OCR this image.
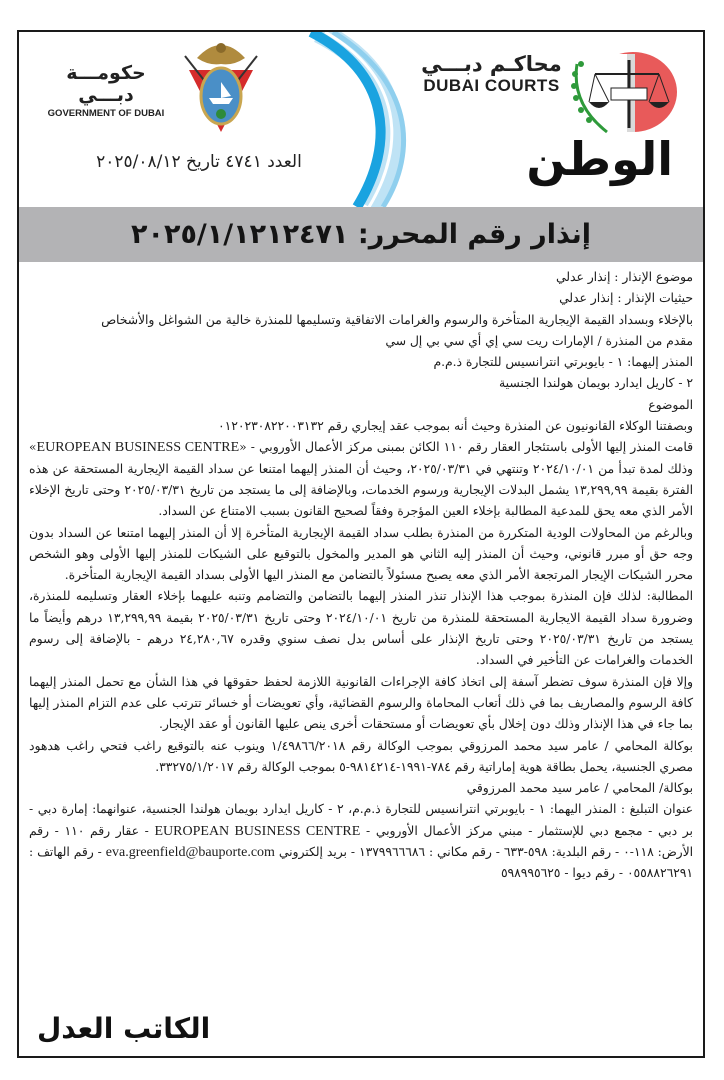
حكومـــة دبـــي
GOVERNMENT OF DUBAI
محاكـم دبـــي
DUBAI COURTS
الوطن
العدد ٤٧٤١ تاريخ ٢٠٢٥/٠٨/١٢
إنذار رقم المحرر: ٢٠٢٥/١/١٢١٢٤٧١

موضوع الإنذار : إنذار عدلي

حيثيات الإنذار : إنذار عدلي

بالإخلاء وبسداد القيمة الإيجارية المتأخرة والرسوم والغرامات الاتفاقية وتسليمها للمنذرة خالية من الشواغل والأشخاص

مقدم من المنذرة / الإمارات ريت سي إي أي سي بي إل سي

المنذر إليهما: ١ - بايوبرتي انترانسيس للتجارة ذ.م.م

٢ - كاريل ايدارد بويمان هولندا الجنسية

الموضوع

وبصفتنا الوكلاء القانونيون عن المنذرة وحيث أنه بموجب عقد إيجاري رقم ٠١٢٠٢٣٠٨٢٢٠٠٣١٣٢

قامت المنذر إليها الأولى باستئجار العقار رقم ١١٠ الكائن بمبنى مركز الأعمال الأوروبي - «EUROPEAN BUSINESS CENTRE» وذلك لمدة تبدأ من ٢٠٢٤/١٠/٠١ وتنتهي في ٢٠٢٥/٠٣/٣١، وحيث أن المنذر إليهما امتنعا عن سداد القيمة الإيجارية المستحقة عن هذه الفترة بقيمة ١٣,٢٩٩,٩٩ يشمل البدلات الإيجارية ورسوم الخدمات، وبالإضافة إلى ما يستجد من تاريخ ٢٠٢٥/٠٣/٣١ وحتى تاريخ الإخلاء الأمر الذي معه يحق للمدعية المطالبة بإخلاء العين المؤجرة وفقاً لصحيح القانون بسبب الامتناع عن السداد.

وبالرغم من المحاولات الودية المتكررة من المنذرة بطلب سداد القيمة الإيجارية المتأخرة إلا أن المنذر إليهما امتنعا عن السداد بدون وجه حق أو مبرر قانوني، وحيث أن المنذر إليه الثاني هو المدير والمخول بالتوقيع على الشيكات للمنذر إليها الأولى وهو الشخص محرر الشيكات الإيجار المرتجعة الأمر الذي معه يصبح مسئولاً بالتضامن مع المنذر اليها الأولى بسداد القيمة الإيجارية المتأخرة.

المطالبة: لذلك فإن المنذرة بموجب هذا الإنذار تنذر المنذر إليهما بالتضامن والتضامم وتنبه عليهما بإخلاء العقار وتسليمه للمنذرة، وضرورة سداد القيمة الايجارية المستحقة للمنذرة من تاريخ ٢٠٢٤/١٠/٠١ وحتى تاريخ ٢٠٢٥/٠٣/٣١ بقيمة ١٣,٢٩٩,٩٩ درهم وأيضاً ما يستجد من تاريخ ٢٠٢٥/٠٣/٣١ وحتى تاريخ الإنذار على أساس بدل نصف سنوي وقدره ٢٤,٢٨٠,٦٧ درهم - بالإضافة إلى رسوم الخدمات والغرامات عن التأخير في السداد.

وإلا فإن المنذرة سوف تضطر آسفة إلى اتخاذ كافة الإجراءات القانونية اللازمة لحفظ حقوقها في هذا الشأن مع تحمل المنذر إليهما كافة الرسوم والمصاريف بما في ذلك أتعاب المحاماة والرسوم القضائية، وأي تعويضات أو خسائر تترتب على عدم التزام المنذر إليها بما جاء في هذا الإنذار وذلك دون إخلال بأي تعويضات أو مستحقات أخرى ينص عليها القانون أو عقد الإيجار.

بوكالة المحامي / عامر سيد محمد المرزوقي بموجب الوكالة رقم ١/٤٩٨٦٦/٢٠١٨ وينوب عنه بالتوقيع راغب فتحي راغب هدهود مصري الجنسية، يحمل بطاقة هوية إماراتية رقم ٧٨٤-١٩٩١-٩٨١٤٢١٤-٥ بموجب الوكالة رقم ٣٣٢٧٥/١/٢٠١٧.

بوكالة/ المحامي / عامر سيد محمد المرزوقي

عنوان التبليغ : المنذر اليهما: ١ - بايوبرتي انترانسيس للتجارة ذ.م.م، ٢ - كاريل ايدارد بويمان هولندا الجنسية، عنوانهما: إمارة دبي - بر دبي - مجمع دبي للإستثمار - مبني مركز الأعمال الأوروبي - EUROPEAN BUSINESS CENTRE - عقار رقم ١١٠ - رقم الأرض: ١١٨-٠ - رقم البلدية: ٥٩٨-٦٣٣ - رقم مكاني : ١٣٧٩٩٦٦٦٨٦ - بريد إلكتروني eva.greenfield@bauporte.com - رقم الهاتف : ٠٥٥٨٨٢٦٢٩١ - رقم ديوا - ٥٩٨٩٩٥٦٢٥

الكاتب العدل
